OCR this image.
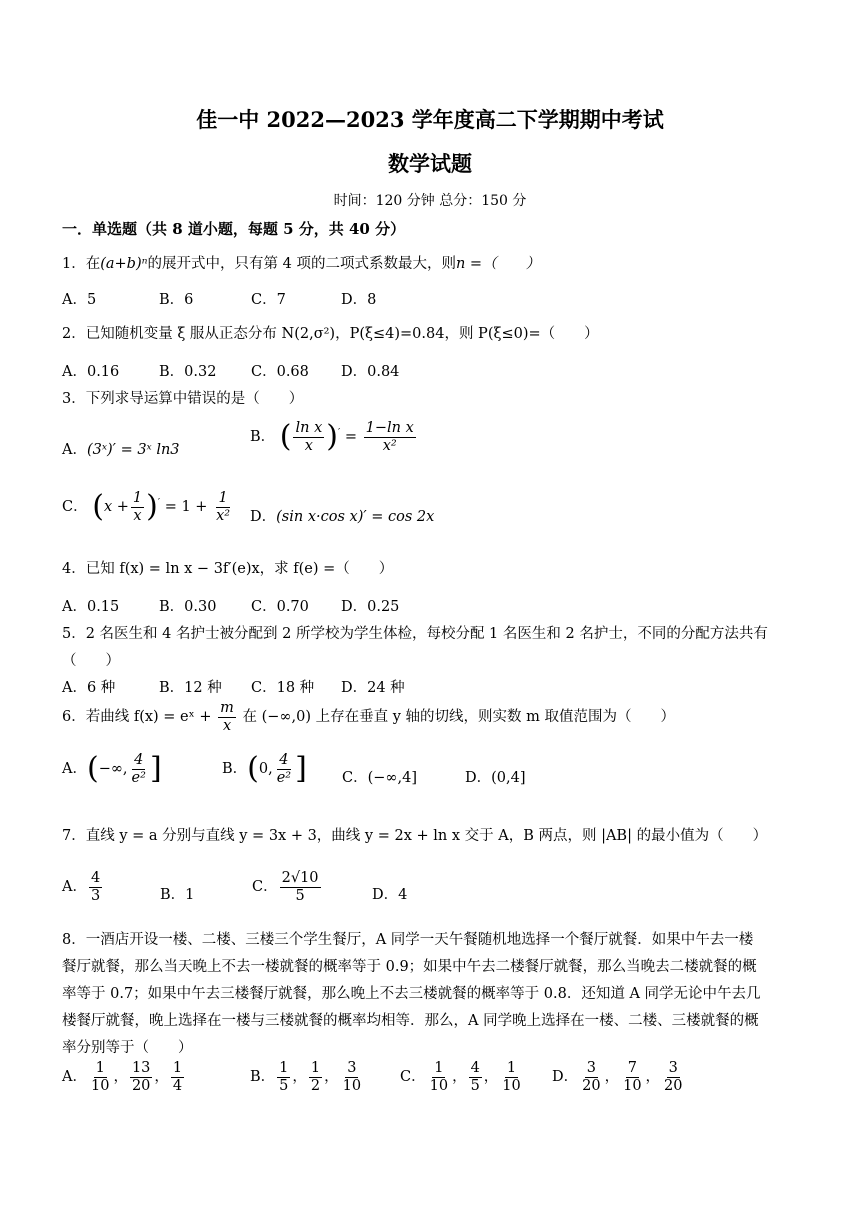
佳一中 2022—2023 学年度高二下学期期中考试
数学试题
时间：120 分钟 总分：150 分
一．单选题（共 8 道小题，每题 5 分，共 40 分）
1．在(a+b)ⁿ的展开式中，只有第 4 项的二项式系数最大，则n =（　　）
A．5	B．6	C．7	D．8
2．已知随机变量 ξ 服从正态分布 N(2,σ²)，P(ξ≤4)=0.84，则 P(ξ≤0)=（　　）
A．0.16	B．0.32 C．0.68 D．0.84
3．下列求导运算中错误的是（　　）
A．(3ˣ)′ = 3ˣ ln3
B． ( $\frac{\text{ln x}}{x} )' = \frac{\text{1−ln x}}{\text{x²}}$
C． $(x + \frac{1}{x} )' = 1 + \frac{1}{\text{x²}}$ D．(sin x·cos x)′ = cos 2x
4．已知 f(x) = ln x − 3f′(e)x，求 f(e) =（　　）
A．0.15	B．0.30 C．0.70 D．0.25
5．2 名医生和 4 名护士被分配到 2 所学校为学生体检，每校分配 1 名医生和 2 名护士，不同的分配方法共有
（　　）
A．6 种	B．12 种 C．18 种 D．24 种
6．若曲线 f(x) = eˣ + $\frac{m}{x}$ 在 (−∞,0) 上存在垂直 y 轴的切线，则实数 m 取值范围为（　　）
A．(−∞, $\frac{4}{\text{e²}}$ ]	B．(0, $\frac{4}{\text{e²}}$ ] C．(−∞,4]	D．(0,4]
7．直线 y = a 分别与直线 y = 3x + 3，曲线 y = 2x + ln x 交于 A，B 两点，则 |AB| 的最小值为（　　）
A． $\frac{4}{3}$	B．1	C． $\frac{2√10}{5}$	D．4
8．一酒店开设一楼、二楼、三楼三个学生餐厅，A 同学一天午餐随机地选择一个餐厅就餐．如果中午去一楼
餐厅就餐，那么当天晚上不去一楼就餐的概率等于 0.9；如果中午去二楼餐厅就餐，那么当晚去二楼就餐的概
率等于 0.7；如果中午去三楼餐厅就餐，那么晚上不去三楼就餐的概率等于 0.8．还知道 A 同学无论中午去几
楼餐厅就餐，晚上选择在一楼与三楼就餐的概率均相等．那么，A 同学晚上选择在一楼、二楼、三楼就餐的概
率分别等于（　　）
A． $\frac{1}{10}$ ， $\frac{13}{20}$ ， $\frac{1}{4}$	B． $\frac{1}{5}$ ， $\frac{1}{2}$ ， $\frac{3}{10}$	C． $\frac{1}{10}$ ， $\frac{4}{5}$ ， $\frac{1}{10}$ D． $\frac{3}{20}$ ， $\frac{7}{10}$ ， $\frac{3}{20}$
